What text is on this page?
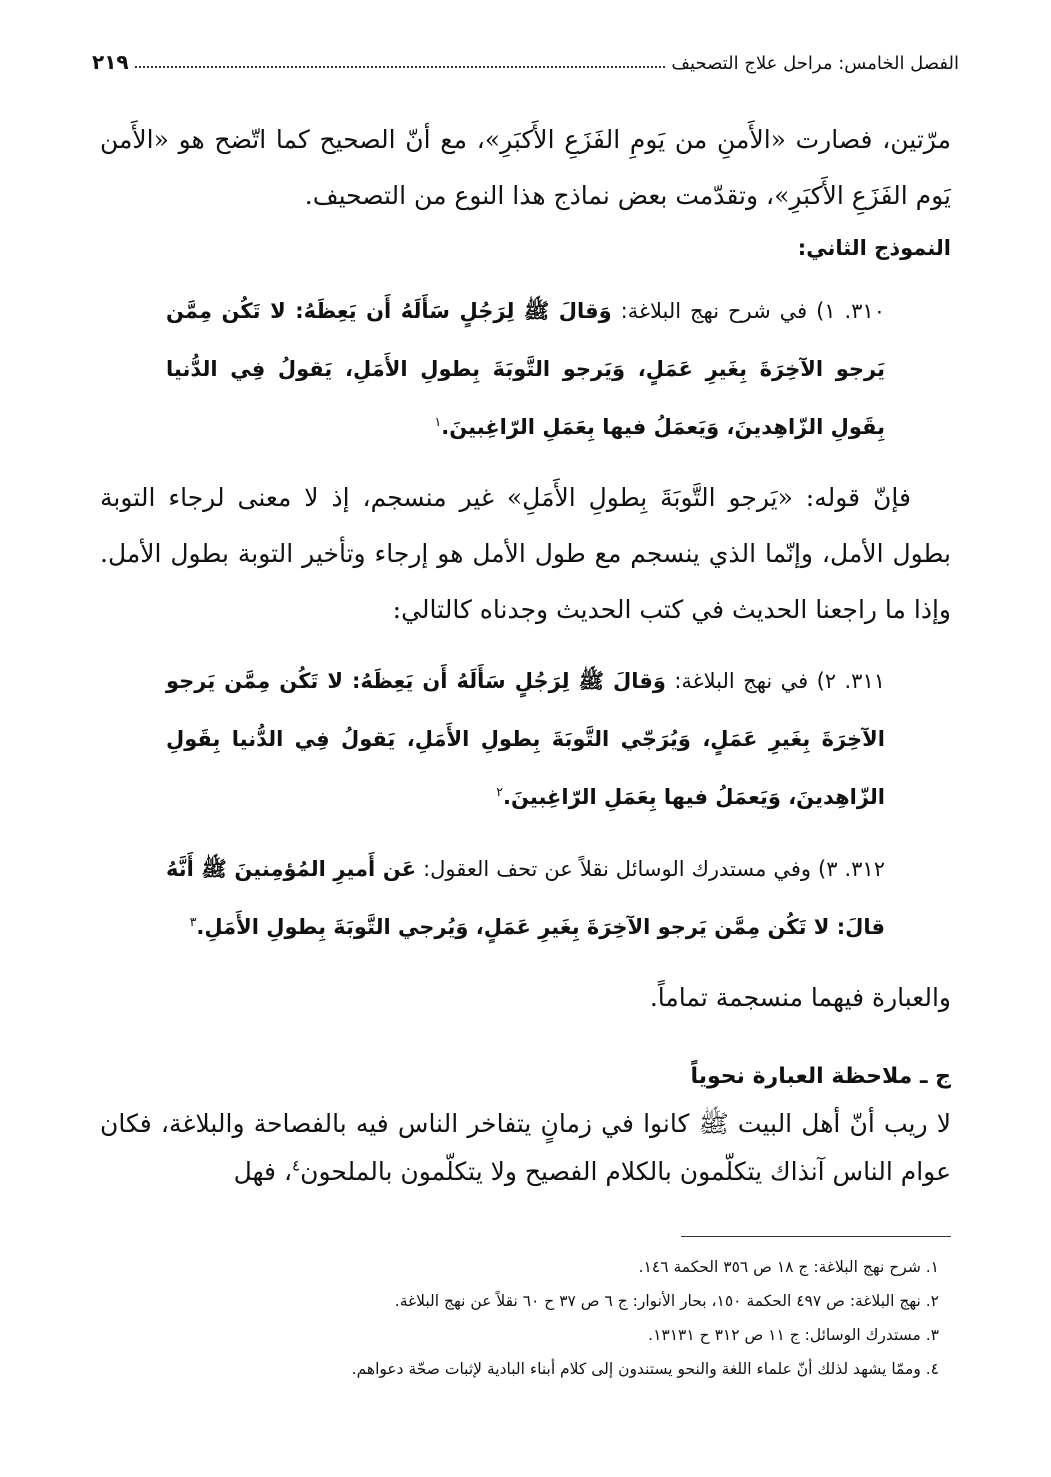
الفصل الخامس: مراحل علاج التصحيف
٢١٩

مرّتين، فصارت «الأَمنِ من يَومِ الفَزَعِ الأَكبَرِ»، مع أنّ الصحيح كما اتّضح هو «الأَمن يَوم الفَزَعِ الأَكبَرِ»، وتقدّمت بعض نماذج هذا النوع من التصحيف.

النموذج الثاني:

٣١٠. ١) في شرح نهج البلاغة: وَقالَ ﷺ لِرَجُلٍ سَأَلَهُ أَن يَعِظَهُ: لا تَكُن مِمَّن يَرجو الآخِرَةَ بِغَيرِ عَمَلٍ، وَيَرجو التَّوبَةَ بِطولِ الأَمَلِ، يَقولُ فِي الدُّنيا بِقَولِ الزّاهِدينَ، وَيَعمَلُ فيها بِعَمَلِ الرّاغِبينَ.$^١$

فإنّ قوله: «يَرجو التَّوبَةَ بِطولِ الأَمَلِ» غير منسجم، إذ لا معنى لرجاء التوبة بطول الأمل، وإنّما الذي ينسجم مع طول الأمل هو إرجاء وتأخير التوبة بطول الأمل. وإذا ما راجعنا الحديث في كتب الحديث وجدناه كالتالي:

٣١١. ٢) في نهج البلاغة: وَقالَ ﷺ لِرَجُلٍ سَأَلَهُ أَن يَعِظَهُ: لا تَكُن مِمَّن يَرجو الآخِرَةَ بِغَيرِ عَمَلٍ، وَيُرَجّي التَّوبَةَ بِطولِ الأَمَلِ، يَقولُ فِي الدُّنيا بِقَولِ الزّاهِدينَ، وَيَعمَلُ فيها بِعَمَلِ الرّاغِبينَ.$^٢$

٣١٢. ٣) وفي مستدرك الوسائل نقلاً عن تحف العقول: عَن أَميرِ المُؤمِنينَ ﷺ أَنَّهُ قالَ: لا تَكُن مِمَّن يَرجو الآخِرَةَ بِغَيرِ عَمَلٍ، وَيُرجي التَّوبَةَ بِطولِ الأَمَلِ.$^٣$

والعبارة فيهما منسجمة تماماً.

ج ـ ملاحظة العبارة نحوياً

لا ريب أنّ أهل البيت ﷺ كانوا في زمانٍ يتفاخر الناس فيه بالفصاحة والبلاغة، فكان عوام الناس آنذاك يتكلّمون بالكلام الفصيح ولا يتكلّمون بالملحون$^٤$، فهل

١. شرح نهج البلاغة: ج ١٨ ص ٣٥٦ الحكمة ١٤٦.
٢. نهج البلاغة: ص ٤٩٧ الحكمة ١٥٠، بحار الأنوار: ج ٦ ص ٣٧ ح ٦٠ نقلاً عن نهج البلاغة.
٣. مستدرك الوسائل: ج ١١ ص ٣١٢ ح ١٣١٣١.
٤. وممّا يشهد لذلك أنّ علماء اللغة والنحو يستندون إلى كلام أبناء البادية لإثبات صحّة دعواهم.
